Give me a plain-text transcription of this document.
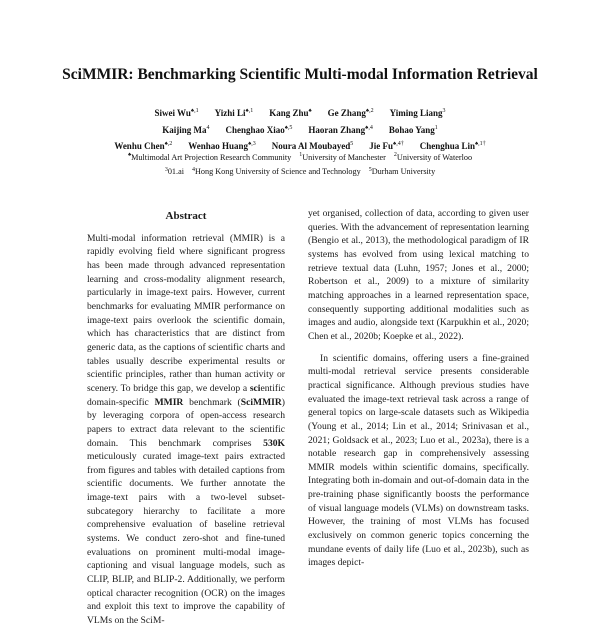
SciMMIR: Benchmarking Scientific Multi-modal Information Retrieval
Siwei $Wu^{♠,1}$ Yizhi $Li^{♠,1}$ Kang Zhu♠ Ge Zhang$^{♠,2}$ Yiming Liang$^3$
Kaijing Ma$^4$ Chenghao Xiao$^{♠,5}$ Haoran Zhang$^{♠,4}$ Bohao Yang$^1$
Wenhu Chen$^{♠,2}$ Wenhao Huang$^{♠,3}$ Noura Al Moubayed$^5$ Jie $Fu^{♠,4\dagger}$ Chenghua Lin$^{♠,1\dagger}$
♠Multimodal Art Projection Research Community $^1$University of Manchester $^2$University of Waterloo
$^3$01.ai $^4$Hong Kong University of Science and Technology $^5$Durham University
Abstract
Multi-modal information retrieval (MMIR) is a rapidly evolving field where significant progress has been made through advanced representation learning and cross-modality alignment research, particularly in image-text pairs. However, current benchmarks for evaluating MMIR performance on image-text pairs overlook the scientific domain, which has characteristics that are distinct from generic data, as the captions of scientific charts and tables usually describe experimental results or scientific principles, rather than human activity or scenery. To bridge this gap, we develop a scientific domain-specific MMIR benchmark (SciMMIR) by leveraging corpora of open-access research papers to extract data relevant to the scientific domain. This benchmark comprises 530K meticulously curated image-text pairs extracted from figures and tables with detailed captions from scientific documents. We further annotate the image-text pairs with a two-level subset-subcategory hierarchy to facilitate a more comprehensive evaluation of baseline retrieval systems. We conduct zero-shot and fine-tuned evaluations on prominent multi-modal image-captioning and visual language models, such as CLIP, BLIP, and BLIP-2. Additionally, we perform optical character recognition (OCR) on the images and exploit this text to improve the capability of VLMs on the SciM-

yet organised, collection of data, according to given user queries. With the advancement of representation learning (Bengio et al., 2013), the methodological paradigm of IR systems has evolved from using lexical matching to retrieve textual data (Luhn, 1957; Jones et al., 2000; Robertson et al., 2009) to a mixture of similarity matching approaches in a learned representation space, consequently supporting additional modalities such as images and audio, alongside text (Karpukhin et al., 2020; Chen et al., 2020b; Koepke et al., 2022).

In scientific domains, offering users a fine-grained multi-modal retrieval service presents considerable practical significance. Although previous studies have evaluated the image-text retrieval task across a range of general topics on large-scale datasets such as Wikipedia (Young et al., 2014; Lin et al., 2014; Srinivasan et al., 2021; Goldsack et al., 2023; Luo et al., 2023a), there is a notable research gap in comprehensively assessing MMIR models within scientific domains, specifically. Integrating both in-domain and out-of-domain data in the pre-training phase significantly boosts the performance of visual language models (VLMs) on downstream tasks. However, the training of most VLMs has focused exclusively on common generic topics concerning the mundane events of daily life (Luo et al., 2023b), such as images depict-
